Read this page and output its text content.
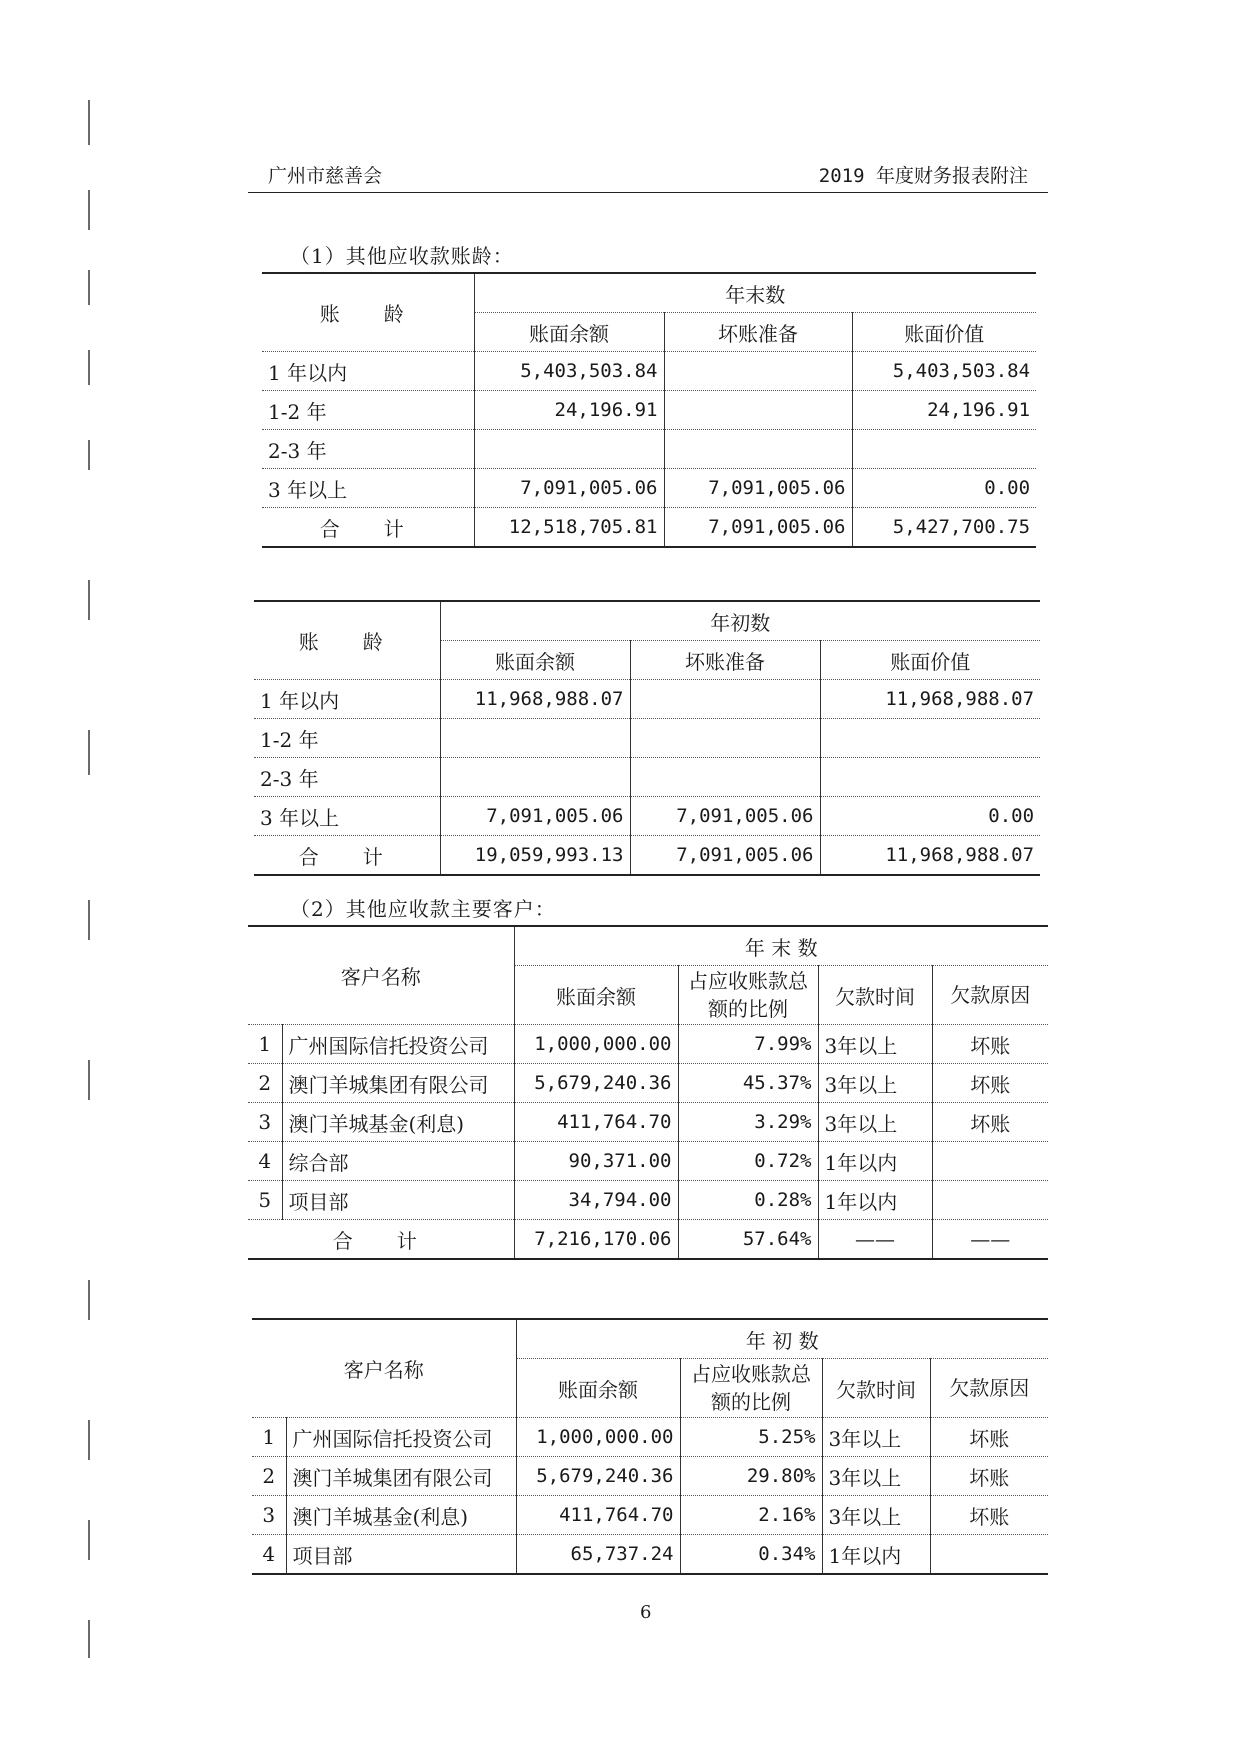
广州市慈善会	2019 年度财务报表附注
（1）其他应收款账龄：
账　龄	年末数		
	账面余额	坏账准备	账面价值
1 年以内	5,403,503.84		5,403,503.84
1-2 年	24,196.91		24,196.91
2-3 年			
3 年以上	7,091,005.06	7,091,005.06	0.00
合　计	12,518,705.81	7,091,005.06	5,427,700.75
账　龄	年初数		
	账面余额	坏账准备	账面价值
1 年以内	11,968,988.07		11,968,988.07
1-2 年			
2-3 年			
3 年以上	7,091,005.06	7,091,005.06	0.00
合　计	19,059,993.13	7,091,005.06	11,968,988.07
（2）其他应收款主要客户：
客户名称		年 末 数			
		账面余额	占应收账款总额的比例	欠款时间	欠款原因
1	广州国际信托投资公司	1,000,000.00	7.99%	3年以上	坏账
2	澳门羊城集团有限公司	5,679,240.36	45.37%	3年以上	坏账
3	澳门羊城基金(利息)	411,764.70	3.29%	3年以上	坏账
4	综合部	90,371.00	0.72%	1年以内	
5	项目部	34,794.00	0.28%	1年以内	
合　计		7,216,170.06	57.64%	——	——
客户名称		年 初 数			
		账面余额	占应收账款总额的比例	欠款时间	欠款原因
1	广州国际信托投资公司	1,000,000.00	5.25%	3年以上	坏账
2	澳门羊城集团有限公司	5,679,240.36	29.80%	3年以上	坏账
3	澳门羊城基金(利息)	411,764.70	2.16%	3年以上	坏账
4	项目部	65,737.24	0.34%	1年以内	
6
